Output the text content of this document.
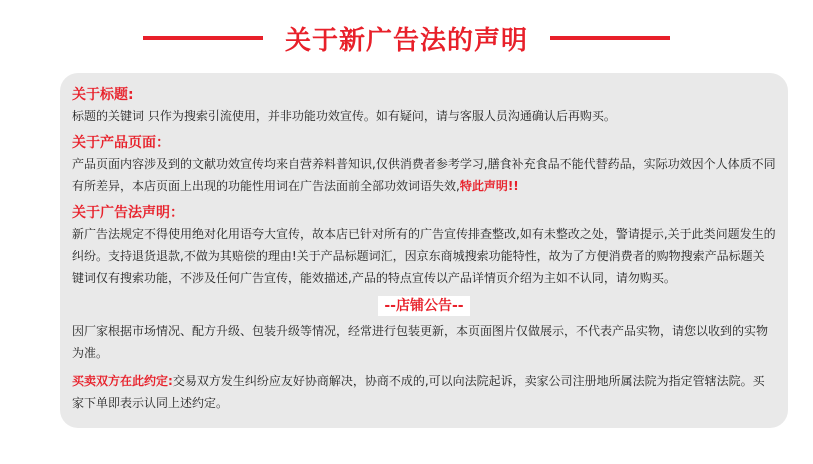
关于新广告法的声明
关于标题:
标题的关键词 只作为搜索引流使用，并非功能功效宣传。如有疑问，请与客服人员沟通确认后再购买。
关于产品页面：
产品页面内容涉及到的文献功效宣传均来自营养料普知识,仅供消费者参考学习,膳食补充食品不能代替药品，实际功效因个人体质不同有所差异，本店页面上出现的功能性用词在广告法面前全部功效词语失效,特此声明!!
关于广告法声明：
新广告法规定不得使用绝对化用语夸大宣传，故本店已针对所有的广告宣传排查整改,如有未整改之处，警请提示,关于此类问题发生的纠纷。支持退货退款,不做为其赔偿的理由!关于产品标题词汇，因京东商城搜索功能特性，故为了方便消费者的购物搜索产品标题关键词仅有搜索功能，不涉及任何广告宣传，能效描述,产品的特点宣传以产品详情页介绍为主如不认同，请勿购买。
--店铺公告--
因厂家根据市场情况、配方升级、包装升级等情况，经常进行包装更新，本页面图片仅做展示，不代表产品实物，请您以收到的实物为准。
买卖双方在此约定:交易双方发生纠纷应友好协商解决，协商不成的,可以向法院起诉，卖家公司注册地所属法院为指定管辖法院。买家下单即表示认同上述约定。
